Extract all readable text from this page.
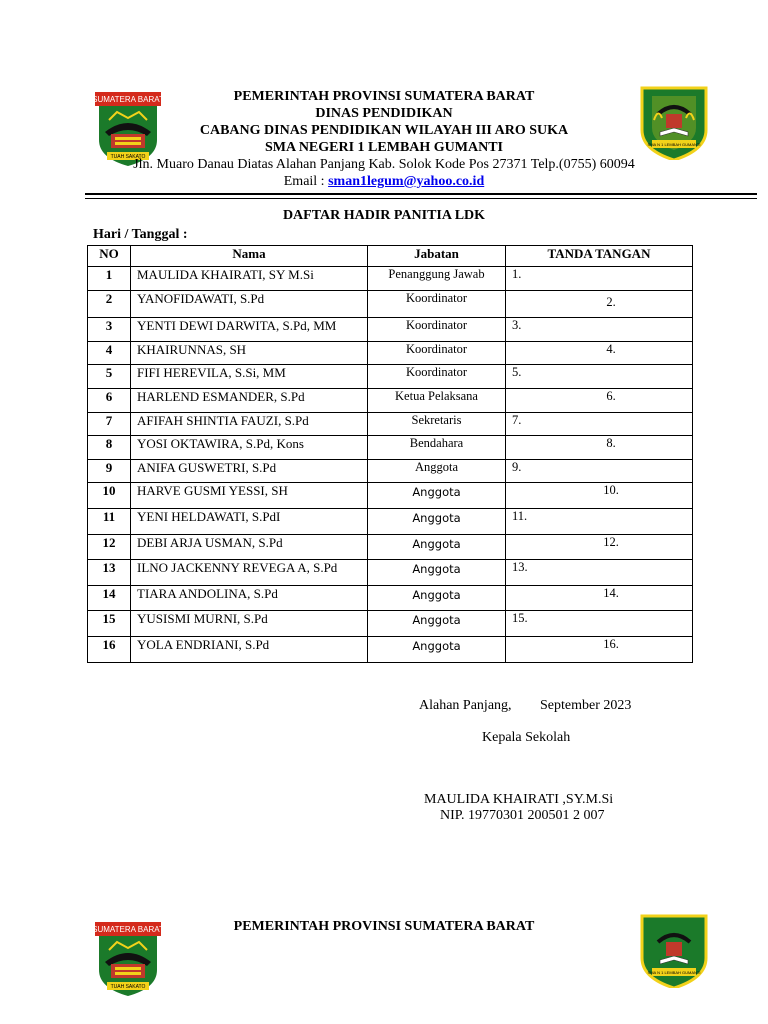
SUMATERA BARAT
TUAH SAKATO
SMA N 1 LEMBAH GUMANTI
PEMERINTAH PROVINSI SUMATERA BARAT
DINAS PENDIDIKAN
CABANG DINAS PENDIDIKAN WILAYAH III ARO SUKA
SMA NEGERI 1 LEMBAH GUMANTI
Jln. Muaro Danau Diatas Alahan Panjang Kab. Solok Kode Pos 27371 Telp.(0755) 60094
Email : sman1legum@yahoo.co.id
DAFTAR HADIR PANITIA LDK
Hari / Tanggal :
NO	Nama	Jabatan	TANDA TANGAN
1	MAULIDA KHAIRATI, SY M.Si	Penanggung Jawab	1.
2	YANOFIDAWATI, S.Pd	Koordinator	2.
3	YENTI DEWI DARWITA, S.Pd, MM	Koordinator	3.
4	KHAIRUNNAS, SH	Koordinator	4.
5	FIFI HEREVILA, S.Si, MM	Koordinator	5.
6	HARLEND ESMANDER, S.Pd	Ketua Pelaksana	6.
7	AFIFAH SHINTIA FAUZI, S.Pd	Sekretaris	7.
8	YOSI OKTAWIRA, S.Pd, Kons	Bendahara	8.
9	ANIFA GUSWETRI, S.Pd	Anggota	9.
10	HARVE GUSMI YESSI, SH	Anggota	10.
11	YENI HELDAWATI, S.PdI	Anggota	11.
12	DEBI ARJA USMAN, S.Pd	Anggota	12.
13	ILNO JACKENNY REVEGA A, S.Pd	Anggota	13.
14	TIARA ANDOLINA, S.Pd	Anggota	14.
15	YUSISMI MURNI, S.Pd	Anggota	15.
16	YOLA ENDRIANI, S.Pd	Anggota	16.
Alahan Panjang, September 2023
Kepala Sekolah
MAULIDA KHAIRATI ,SY.M.Si
NIP. 19770301 200501 2 007
SUMATERA BARAT
TUAH SAKATO
SMA N 1 LEMBAH GUMANTI
PEMERINTAH PROVINSI SUMATERA BARAT
